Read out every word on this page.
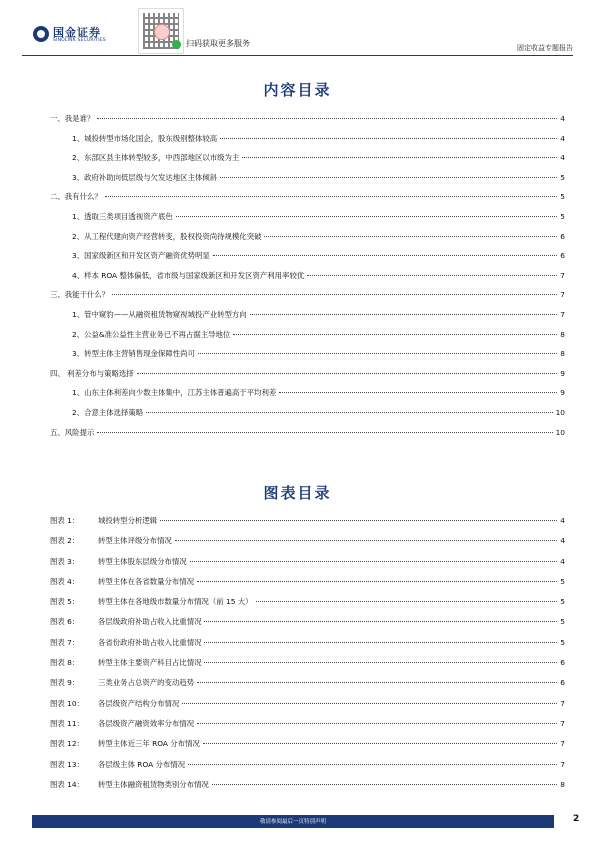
国金证券
SINOLINK SECURITIES	扫码获取更多服务	固定收益专题报告
内容目录
一、我是谁？	4
1、城投转型市场化国企，股东级别整体较高	4
2、东部区县主体转型较多，中西部地区以市级为主	4
3、政府补助向低层级与欠发达地区主体倾斜	5
二、我有什么？	5
1、透取三类项目透视资产底色	5
2、从工程代建向资产经营转变，股权投资尚待规模化突破	6
3、国家级新区和开发区资产融资优势明显	6
4、样本 ROA 整体偏低，省市级与国家级新区和开发区资产利用率较优	7
三、我能干什么？	7
1、管中窥豹——从融资租赁物窥视城投产业转型方向	7
2、公益&准公益性主营业务已不再占据主导地位	8
3、转型主体主营销售现金保障性尚可	8
四、 利差分布与策略选择	9
1、山东主体利差向少数主体集中，江苏主体普遍高于平均利差	9
2、合意主体选择策略	10
五、风险提示	10
图表目录
图表 1：	城投转型分析逻辑	4
图表 2：	转型主体评级分布情况	4
图表 3：	转型主体股东层级分布情况	4
图表 4：	转型主体在各省数量分布情况	5
图表 5：	转型主体在各地级市数量分布情况（前 15 大）	5
图表 6：	各层级政府补助占收入比重情况	5
图表 7：	各省份政府补助占收入比重情况	5
图表 8：	转型主体主要资产科目占比情况	6
图表 9：	三类业务占总资产的变动趋势	6
图表 10：	各层级资产结构分布情况	7
图表 11：	各层级资产融资效率分布情况	7
图表 12：	转型主体近三年 ROA 分布情况	7
图表 13：	各层级主体 ROA 分布情况	7
图表 14：	转型主体融资租赁物类别分布情况	8
敬请参阅最后一页特别声明	2
